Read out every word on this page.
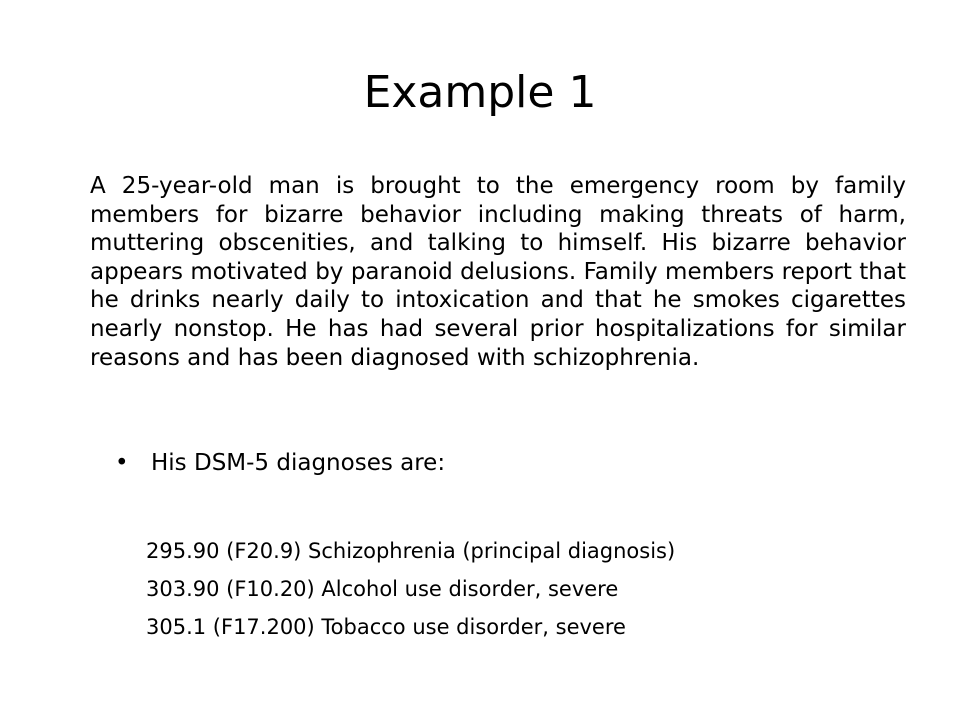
Example 1

A 25-year-old man is brought to the emergency room by family members for bizarre behavior including making threats of harm, muttering obscenities, and talking to himself. His bizarre behavior appears motivated by paranoid delusions. Family members report that he drinks nearly daily to intoxication and that he smokes cigarettes nearly nonstop. He has had several prior hospitalizations for similar reasons and has been diagnosed with schizophrenia.

• His DSM-5 diagnoses are:
295.90 (F20.9) Schizophrenia (principal diagnosis)
303.90 (F10.20) Alcohol use disorder, severe
305.1 (F17.200) Tobacco use disorder, severe
